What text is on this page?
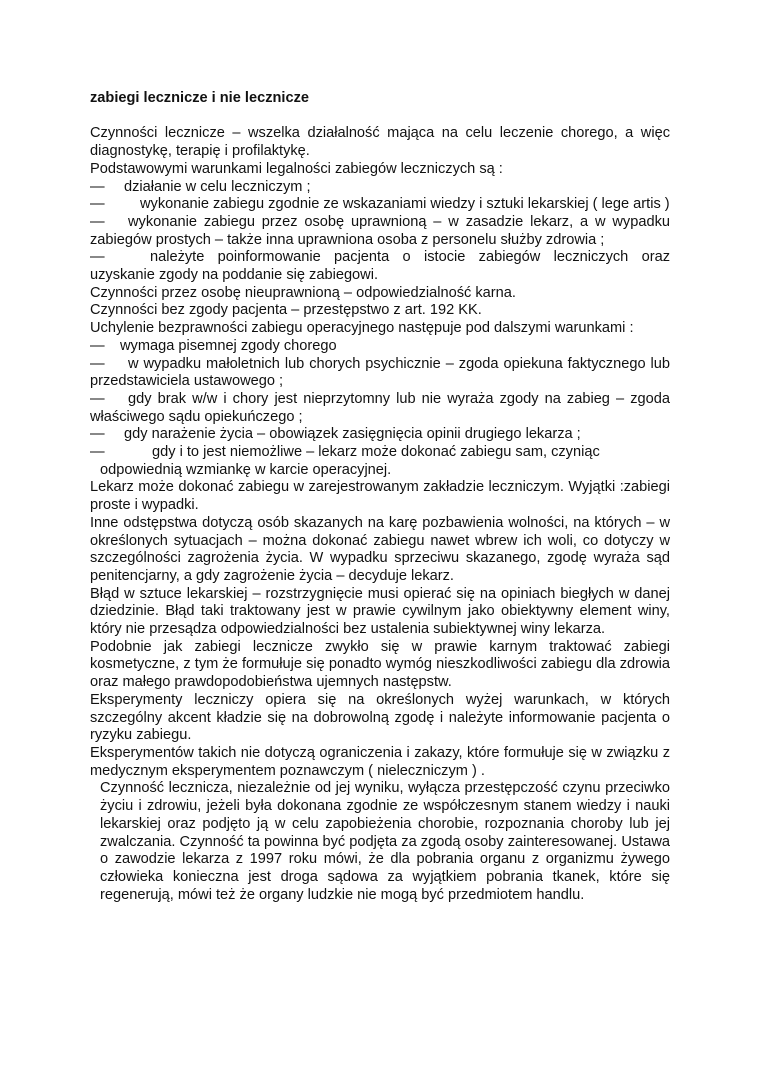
zabiegi lecznicze i nie lecznicze

Czynności lecznicze – wszelka działalność mająca na celu leczenie chorego, a więc diagnostykę, terapię i profilaktykę.

Podstawowymi warunkami legalności zabiegów leczniczych są :

— działanie w celu leczniczym ;

— wykonanie zabiegu zgodnie ze wskazaniami wiedzy i sztuki lekarskiej ( lege artis )

— wykonanie zabiegu przez osobę uprawnioną – w zasadzie lekarz, a w wypadku zabiegów prostych – także inna uprawniona osoba z personelu służby zdrowia ;

—	należyte poinformowanie pacjenta o istocie zabiegów leczniczych oraz uzyskanie zgody na poddanie się zabiegowi.

Czynności przez osobę nieuprawnioną – odpowiedzialność karna.

Czynności bez zgody pacjenta – przestępstwo z art. 192 KK.

Uchylenie bezprawności zabiegu operacyjnego następuje pod dalszymi warunkami :

— wymaga pisemnej zgody chorego

— w wypadku małoletnich lub chorych psychicznie – zgoda opiekuna faktycznego lub przedstawiciela ustawowego ;

— gdy brak w/w i chory jest nieprzytomny lub nie wyraża zgody na zabieg – zgoda właściwego sądu opiekuńczego ;

— gdy narażenie życia – obowiązek zasięgnięcia opinii drugiego lekarza ;

—	gdy i to jest niemożliwe – lekarz może dokonać zabiegu sam, czyniąc

odpowiednią wzmiankę w karcie operacyjnej.

Lekarz może dokonać zabiegu w zarejestrowanym zakładzie leczniczym. Wyjątki :zabiegi proste i wypadki.

Inne odstępstwa dotyczą osób skazanych na karę pozbawienia wolności, na których – w określonych sytuacjach – można dokonać zabiegu nawet wbrew ich woli, co dotyczy w szczególności zagrożenia życia. W wypadku sprzeciwu skazanego, zgodę wyraża sąd penitencjarny, a gdy zagrożenie życia – decyduje lekarz.

Błąd w sztuce lekarskiej – rozstrzygnięcie musi opierać się na opiniach biegłych w danej dziedzinie. Błąd taki traktowany jest w prawie cywilnym jako obiektywny element winy, który nie przesądza odpowiedzialności bez ustalenia subiektywnej winy lekarza.

Podobnie jak zabiegi lecznicze zwykło się w prawie karnym traktować zabiegi kosmetyczne, z tym że formułuje się ponadto wymóg nieszkodliwości zabiegu dla zdrowia oraz małego prawdopodobieństwa ujemnych następstw.

Eksperymenty leczniczy opiera się na określonych wyżej warunkach, w których szczególny akcent kładzie się na dobrowolną zgodę i należyte informowanie pacjenta o ryzyku zabiegu.

Eksperymentów takich nie dotyczą ograniczenia i zakazy, które formułuje się w związku z medycznym eksperymentem poznawczym ( nieleczniczym ) .

Czynność lecznicza, niezależnie od jej wyniku, wyłącza przestępczość czynu przeciwko życiu i zdrowiu, jeżeli była dokonana zgodnie ze współczesnym stanem wiedzy i nauki lekarskiej oraz podjęto ją w celu zapobieżenia chorobie, rozpoznania choroby lub jej zwalczania. Czynność ta powinna być podjęta za zgodą osoby zainteresowanej. Ustawa o zawodzie lekarza z 1997 roku mówi, że dla pobrania organu z organizmu żywego człowieka konieczna jest droga sądowa za wyjątkiem pobrania tkanek, które się regenerują, mówi też że organy ludzkie nie mogą być przedmiotem handlu.
